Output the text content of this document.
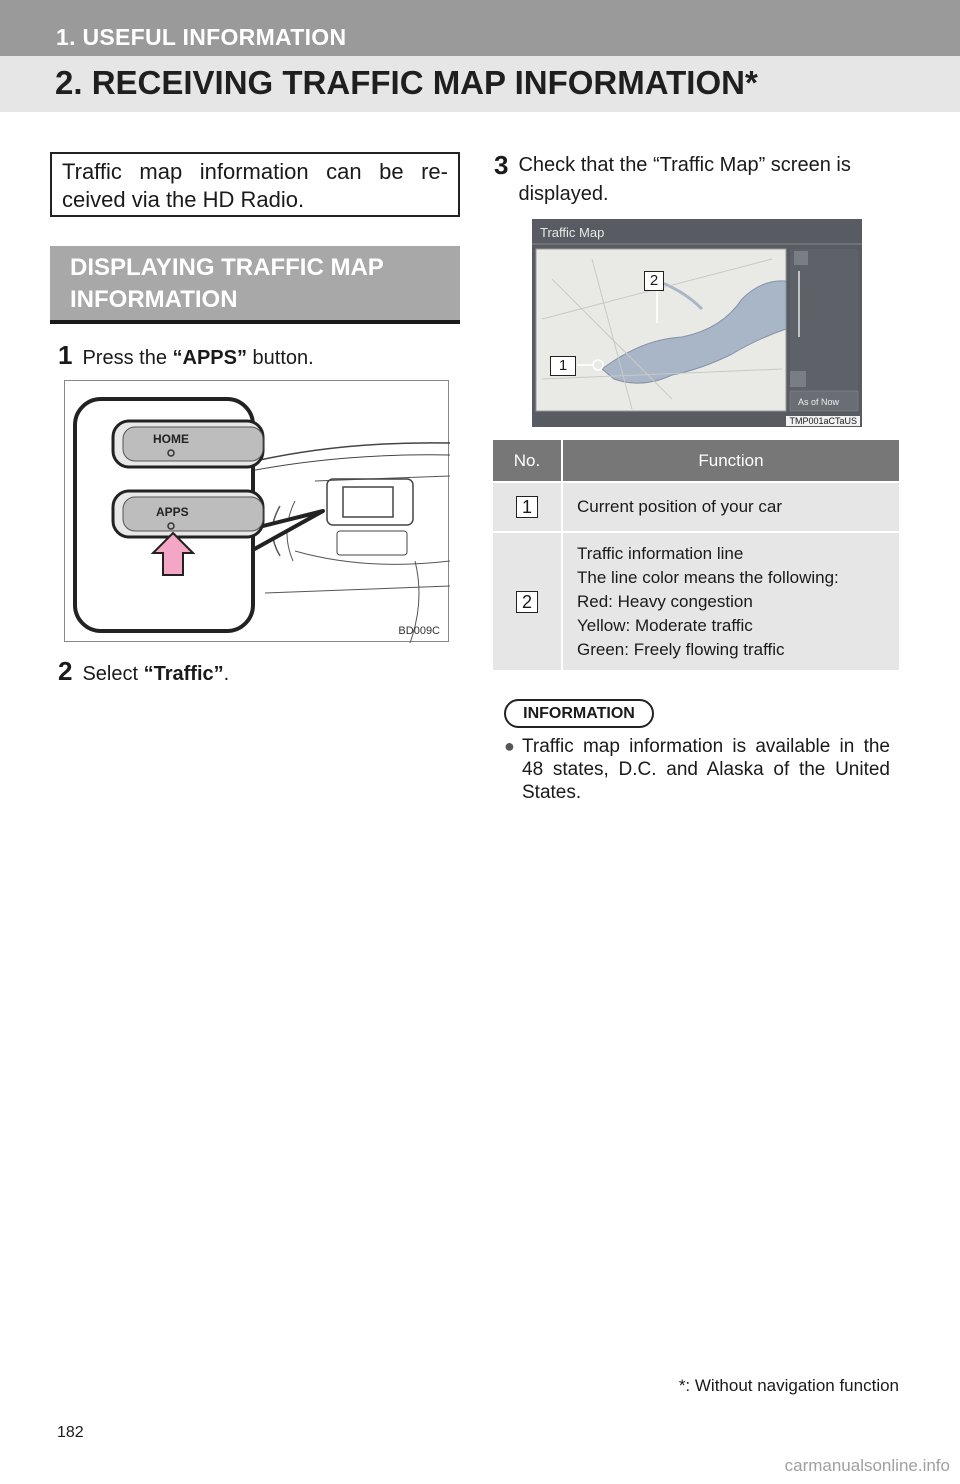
1. USEFUL INFORMATION
2. RECEIVING TRAFFIC MAP INFORMATION*
Traffic map information can be re-ceived via the HD Radio.
DISPLAYING TRAFFIC MAP
INFORMATION
1 Press the “APPS” button.
HOME
APPS
BD009C
2 Select “Traffic”.
3 Check that the “Traffic Map” screen is displayed.
Traffic Map
2
1
As of Now
TMP001aCTaUS
No.	Function
1	Current position of your car

2	Traffic information line
The line color means the following:
Red: Heavy congestion
Yellow: Moderate traffic
Green: Freely flowing traffic
INFORMATION
● Traffic map information is available in the 48 states, D.C. and Alaska of the United States.
*: Without navigation function
182
carmanualsonline.info
